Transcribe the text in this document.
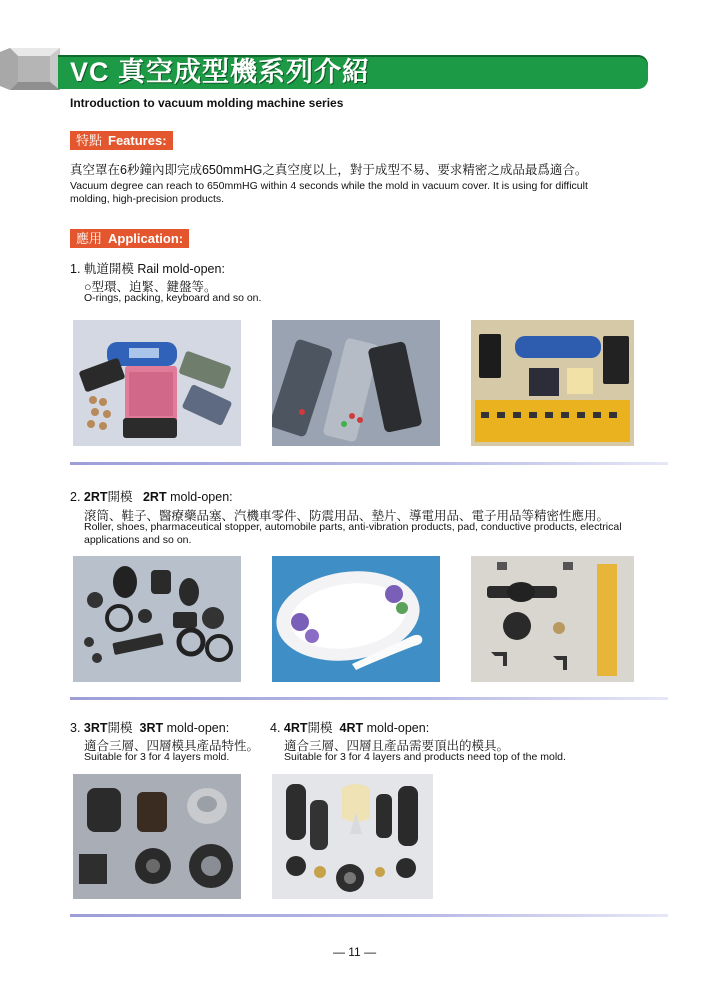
VC 真空成型機系列介紹
Introduction to vacuum molding machine series
特點 Features:
真空罩在6秒鐘內即完成650mmHG之真空度以上，對于成型不易、要求精密之成品最爲適合。
Vacuum degree can reach to 650mmHG within 4 seconds while the mold in vacuum cover. It is using for difficult
molding, high-precision products.
應用 Application:
1. 軌道開模 Rail mold-open:
○型環、迫緊、鍵盤等。
O-rings, packing, keyboard and so on.
2. 2RT開模 2RT mold-open:
滾筒、鞋子、醫療藥品塞、汽機車零件、防震用品、墊片、導電用品、電子用品等精密性應用。
Roller, shoes, pharmaceutical stopper, automobile parts, anti-vibration products, pad, conductive products, electrical
applications and so on.
3. 3RT開模 3RT mold-open:
適合三層、四層模具產品特性。
Suitable for 3 for 4 layers mold.
4. 4RT開模 4RT mold-open:
適合三層、四層且產品需要頂出的模具。
Suitable for 3 for 4 layers and products need top of the mold.
— 11 —
